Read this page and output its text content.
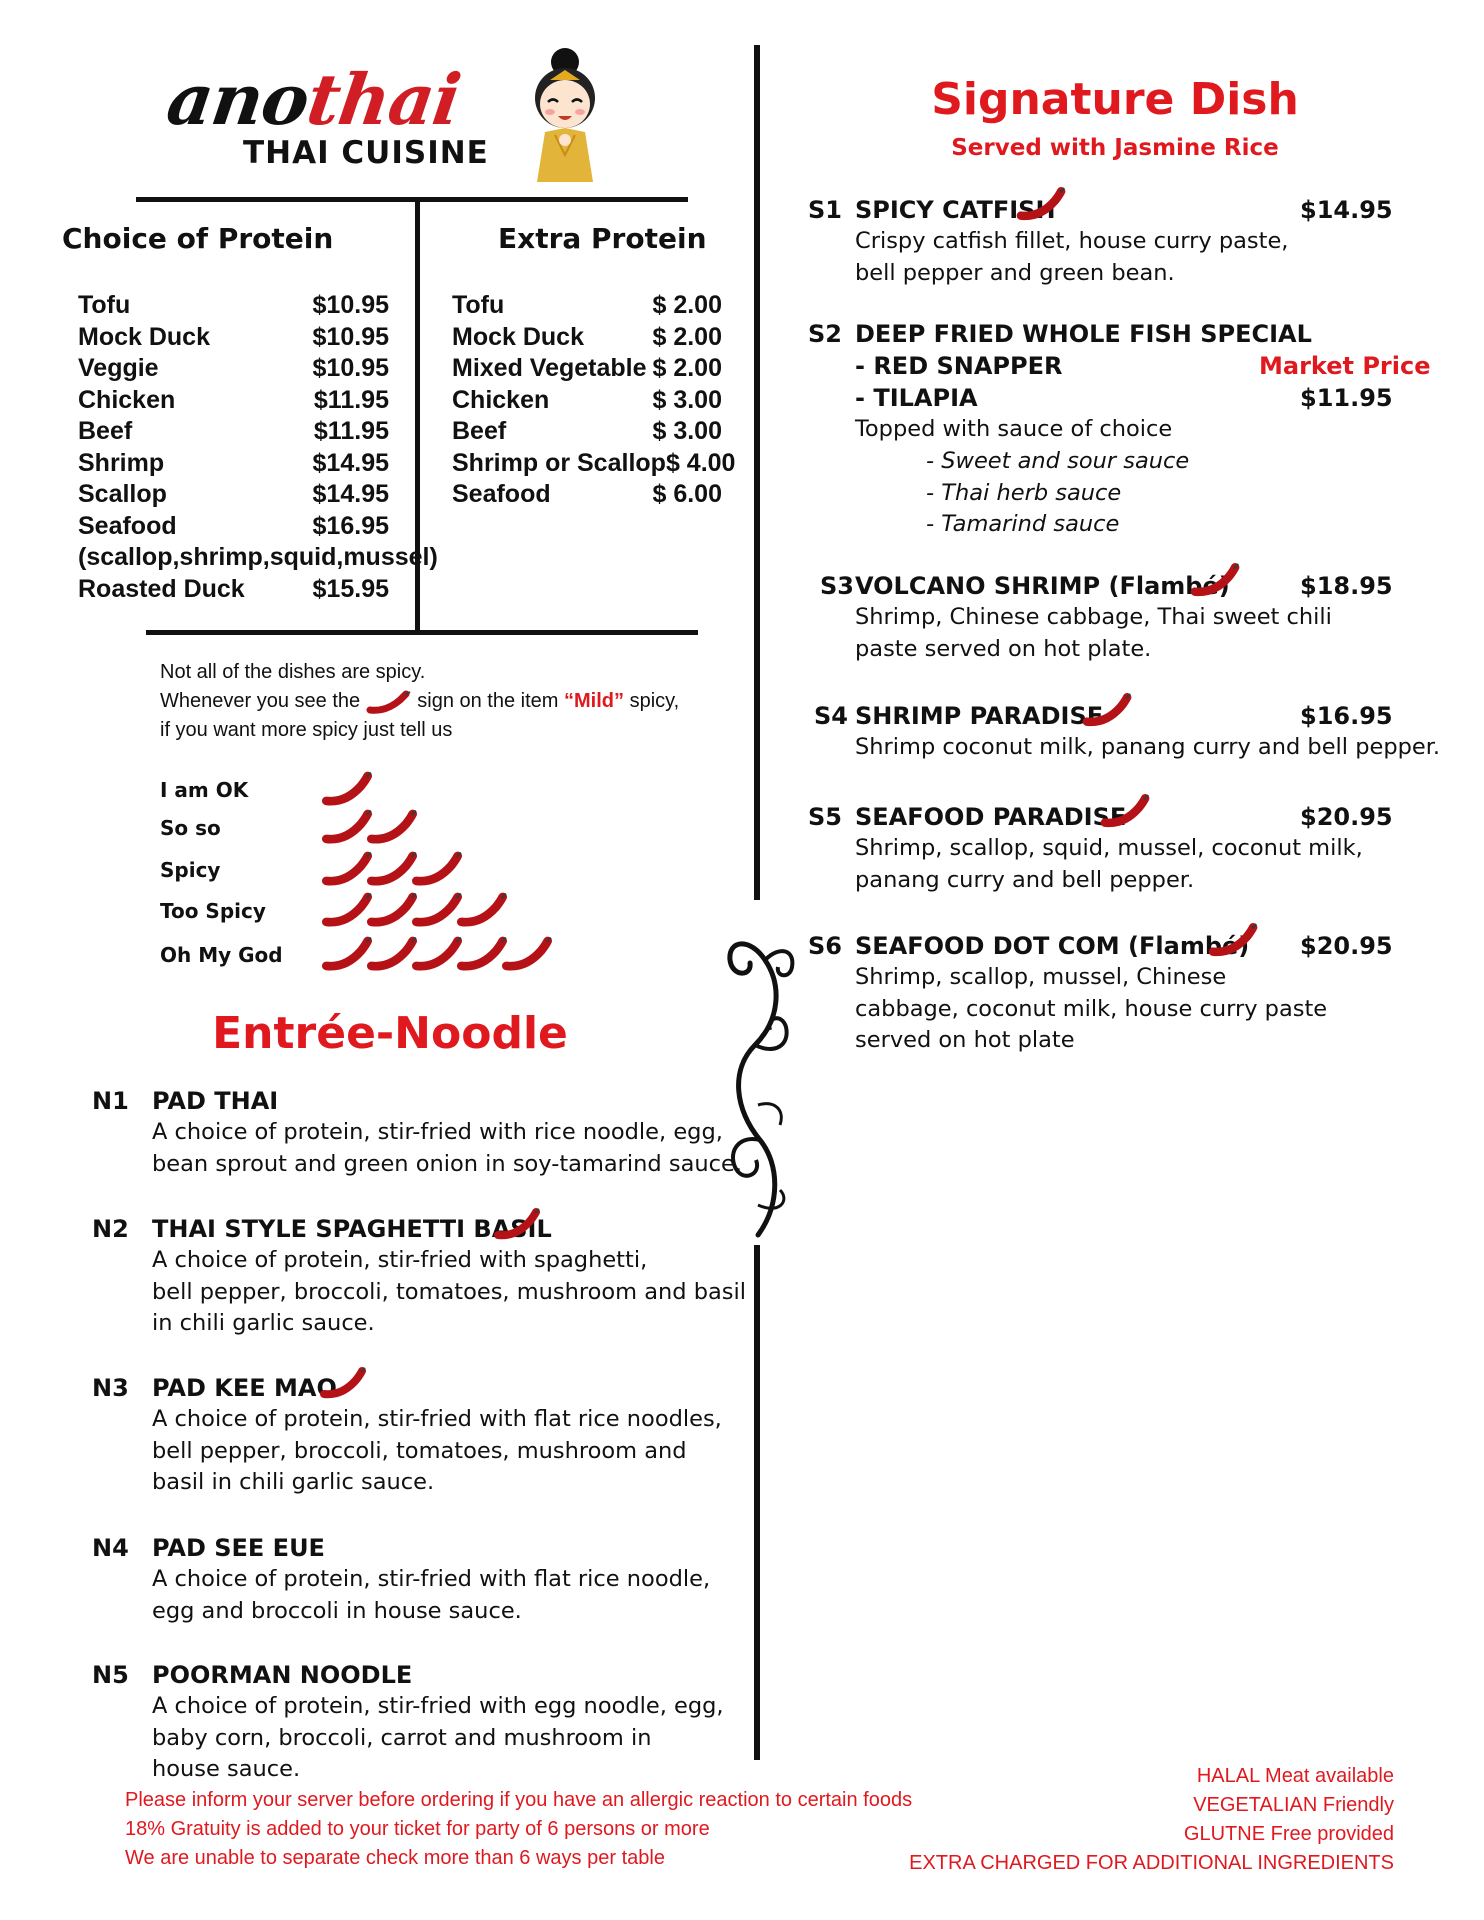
anothai
THAI CUISINE
Choice of Protein	Extra Protein
Tofu	$10.95
Mock Duck	$10.95
Veggie	$10.95
Chicken	$11.95
Beef	$11.95
Shrimp	$14.95
Scallop	$14.95
Seafood	$16.95
(scallop,shrimp,squid,mussel)
Roasted Duck	$15.95
Tofu	$ 2.00
Mock Duck	$ 2.00
Mixed Vegetable $ 2.00
Chicken	$ 3.00
Beef	$ 3.00
Shrimp or Scallop $ 4.00
Seafood	$ 6.00
Not all of the dishes are spicy.
Whenever you see the	sign on the item “Mild” spicy,
if you want more spicy just tell us
I am OK
So so
Spicy
Too Spicy
Oh My God
Entrée-Noodle
N1 PAD THAI
A choice of protein, stir-fried with rice noodle, egg,
bean sprout and green onion in soy-tamarind sauce.
N2 THAI STYLE SPAGHETTI BASIL
A choice of protein, stir-fried with spaghetti,
bell pepper, broccoli, tomatoes, mushroom and basil
in chili garlic sauce.
N3 PAD KEE MAO
A choice of protein, stir-fried with flat rice noodles,
bell pepper, broccoli, tomatoes, mushroom and
basil in chili garlic sauce.
N4 PAD SEE EUE
A choice of protein, stir-fried with flat rice noodle,
egg and broccoli in house sauce.
N5 POORMAN NOODLE
A choice of protein, stir-fried with egg noodle, egg,
baby corn, broccoli, carrot and mushroom in
house sauce.
Signature Dish
Served with Jasmine Rice
S1 SPICY CATFISH	$14.95
Crispy catfish fillet, house curry paste,
bell pepper and green bean.
S2 DEEP FRIED WHOLE FISH SPECIAL
- RED SNAPPER	Market Price
- TILAPIA	$11.95
Topped with sauce of choice
- Sweet and sour sauce
- Thai herb sauce
- Tamarind sauce
S3 VOLCANO SHRIMP (Flambé)	$18.95
Shrimp, Chinese cabbage, Thai sweet chili
paste served on hot plate.
S4 SHRIMP PARADISE	$16.95
Shrimp coconut milk, panang curry and bell pepper.
S5 SEAFOOD PARADISE	$20.95
Shrimp, scallop, squid, mussel, coconut milk,
panang curry and bell pepper.
S6 SEAFOOD DOT COM (Flambé) $20.95
Shrimp, scallop, mussel, Chinese
cabbage, coconut milk, house curry paste
served on hot plate
Please inform your server before ordering if you have an allergic reaction to certain foods
18% Gratuity is added to your ticket for party of 6 persons or more
We are unable to separate check more than 6 ways per table
HALAL Meat available
VEGETALIAN Friendly
GLUTNE Free provided
EXTRA CHARGED FOR ADDITIONAL INGREDIENTS
